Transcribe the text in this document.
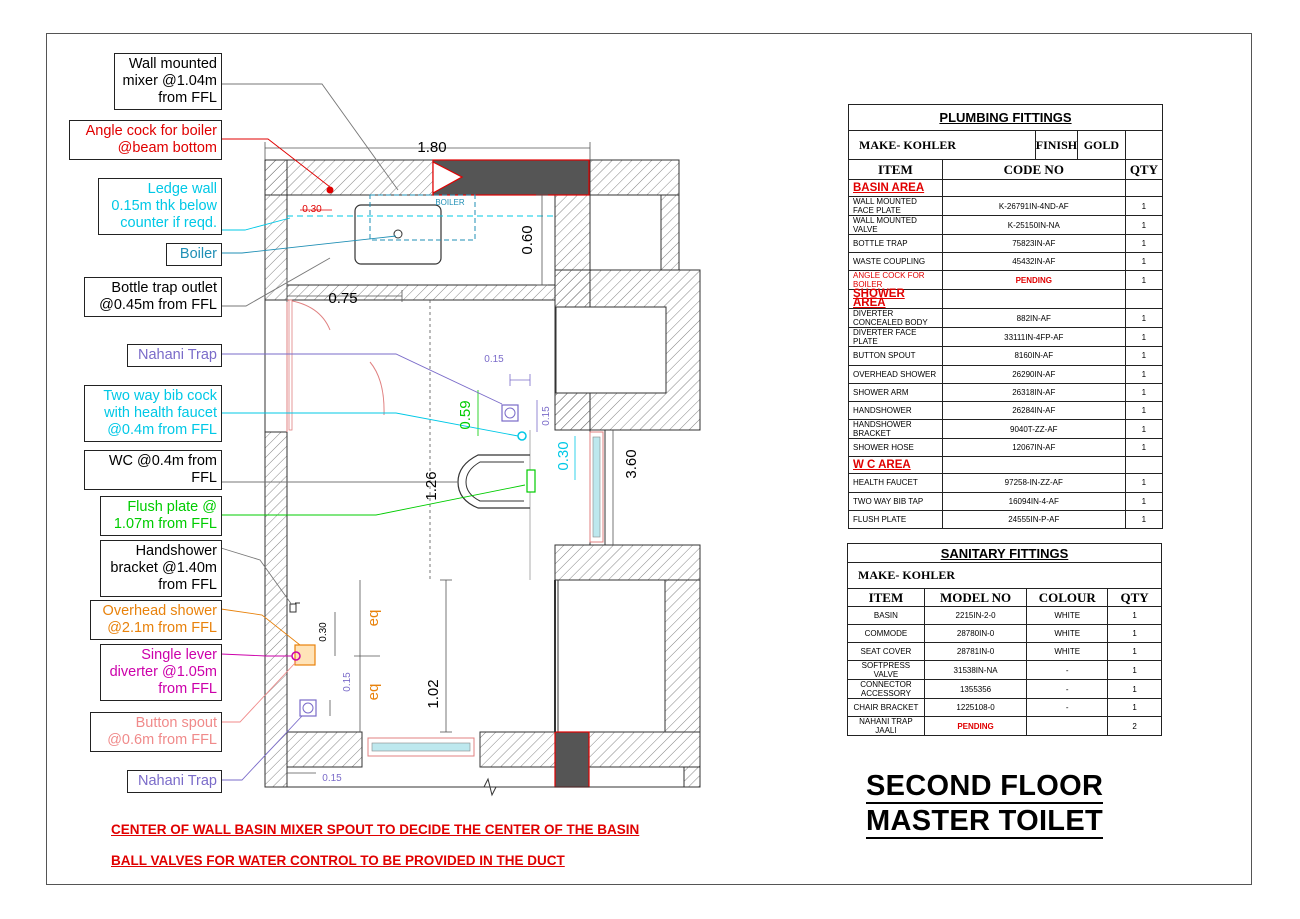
1.80
0.75
0.60
0.30
BOILER
0.15
0.59	0.15
0.30
1.26
3.60
0.30
eq
eq
0.15	1.02
0.15
Wall mounted
mixer @1.04m
from FFL
Angle cock for boiler
@beam bottom
Ledge wall
0.15m thk below
counter if reqd.
Boiler
Bottle trap outlet
@0.45m from FFL
Nahani Trap
Two way bib cock
with health faucet
@0.4m from FFL
WC @0.4m from
FFL
Flush plate @
1.07m from FFL
Handshower
bracket @1.40m
from FFL
Overhead shower
@2.1m from FFL
Single lever
diverter @1.05m
from FFL
Button spout
@0.6m from FFL
Nahani Trap
CENTER OF WALL BASIN MIXER SPOUT TO DECIDE THE CENTER OF THE BASIN
BALL VALVES FOR WATER CONTROL TO BE PROVIDED IN THE DUCT
SECOND FLOOR
MASTER TOILET
PLUMBING FITTINGS			
MAKE- KOHLER		FINISH GOLD	

ITEM	CODE NO		QTY
BASIN AREA			
WALL MOUNTED FACE PLATE	K-26791IN-4ND-AF		1
WALL MOUNTED VALVE	K-25150IN-NA		1
BOTTLE TRAP	75823IN-AF		1
WASTE COUPLING	45432IN-AF		1
ANGLE COCK FOR BOILER	PENDING		1
SHOWER AREA			
DIVERTER CONCEALED BODY	882IN-AF		1
DIVERTER FACE PLATE	33111IN-4FP-AF		1
BUTTON SPOUT	8160IN-AF		1
OVERHEAD SHOWER	26290IN-AF		1
SHOWER ARM	26318IN-AF		1
HANDSHOWER	26284IN-AF		1
HANDSHOWER BRACKET	9040T-ZZ-AF		1
SHOWER HOSE	12067IN-AF		1
W C AREA			
HEALTH FAUCET	97258-IN-ZZ-AF		1
TWO WAY BIB TAP	16094IN-4-AF		1
FLUSH PLATE	24555IN-P-AF		1
SANITARY FITTINGS			
MAKE- KOHLER			
ITEM	MODEL NO	COLOUR	QTY
BASIN	2215IN-2-0	WHITE	1
COMMODE	28780IN-0	WHITE	1
SEAT COVER	28781IN-0	WHITE	1
SOFTPRESS VALVE	31538IN-NA	-	1
CONNECTOR ACCESSORY	1355356	-	1
CHAIR BRACKET	1225108-0	-	1
NAHANI TRAP JAALI	PENDING		2
